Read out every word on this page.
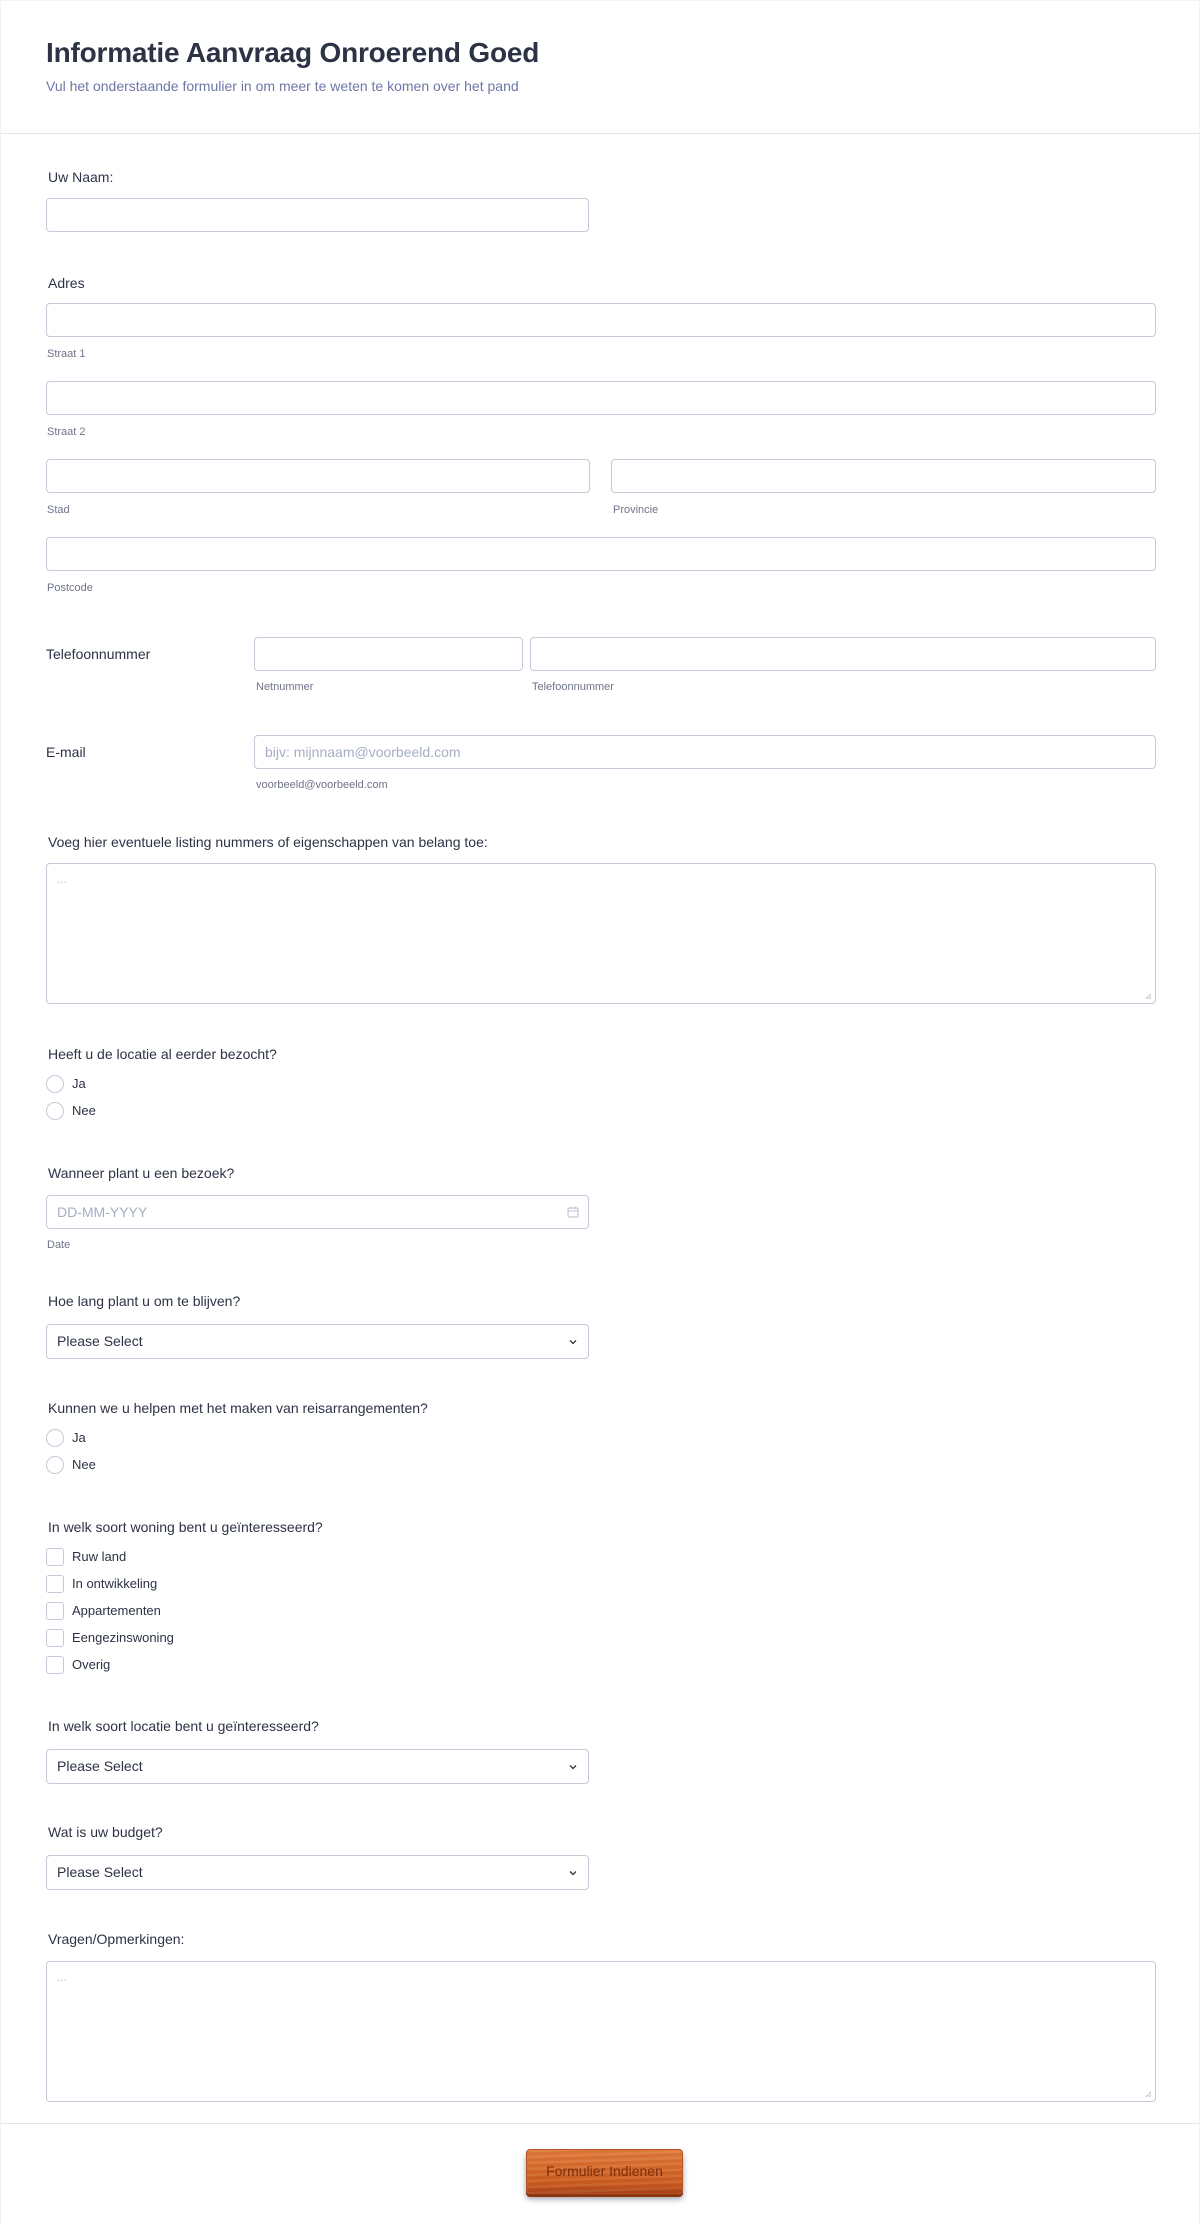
Informatie Aanvraag Onroerend Goed
Vul het onderstaande formulier in om meer te weten te komen over het pand
Uw Naam:
Adres
Straat 1
Straat 2
Stad	Provincie
Postcode
Telefoonnummer
Netnummer	Telefoonnummer
E-mail	bijv: mijnnaam@voorbeeld.com
voorbeeld@voorbeeld.com
Voeg hier eventuele listing nummers of eigenschappen van belang toe:
...
Heeft u de locatie al eerder bezocht?
Ja
Nee
Wanneer plant u een bezoek?
DD-MM-YYYY
Date
Hoe lang plant u om te blijven?
Please Select
Kunnen we u helpen met het maken van reisarrangementen?
Ja
Nee
In welk soort woning bent u geïnteresseerd?
Ruw land
In ontwikkeling
Appartementen
Eengezinswoning
Overig
In welk soort locatie bent u geïnteresseerd?
Please Select
Wat is uw budget?
Please Select
Vragen/Opmerkingen:
...
Formulier Indienen
